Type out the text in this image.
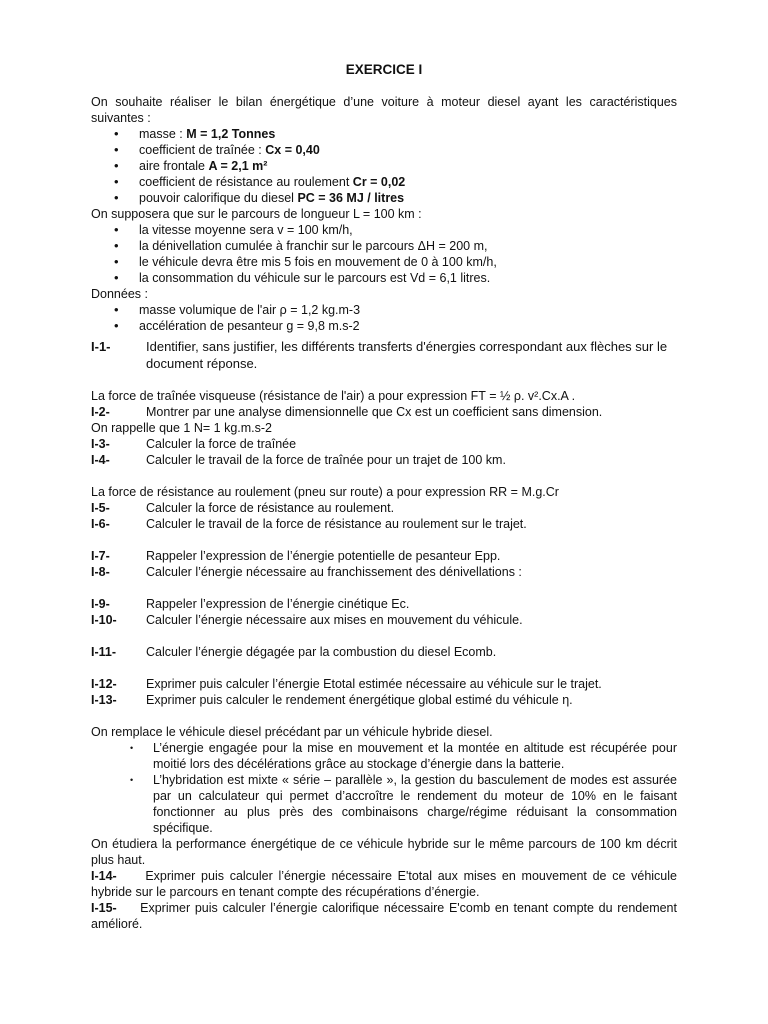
EXERCICE I

On souhaite réaliser le bilan énergétique d’une voiture à moteur diesel ayant les caractéristiques suivantes :

• masse : M = 1,2 Tonnes
• coefficient de traînée : Cx = 0,40
• aire frontale A = 2,1 m²
• coefficient de résistance au roulement Cr = 0,02
• pouvoir calorifique du diesel PC = 36 MJ / litres

On supposera que sur le parcours de longueur L = 100 km :

• la vitesse moyenne sera v = 100 km/h,
• la dénivellation cumulée à franchir sur le parcours ΔH = 200 m,
• le véhicule devra être mis 5 fois en mouvement de 0 à 100 km/h,
• la consommation du véhicule sur le parcours est Vd = 6,1 litres.

Données :

• masse volumique de l'air ρ = 1,2 kg.m-3
• accélération de pesanteur g = 9,8 m.s-2
I-1-	Identifier, sans justifier, les différents transferts d'énergies correspondant aux flèches sur le document réponse.

La force de traînée visqueuse (résistance de l'air) a pour expression FT = ½ ρ. v².Cx.A .

I-2-	Montrer par une analyse dimensionnelle que Cx est un coefficient sans dimension.

On rappelle que 1 N= 1 kg.m.s-2

I-3-	Calculer la force de traînée
I-4-	Calculer le travail de la force de traînée pour un trajet de 100 km.

La force de résistance au roulement (pneu sur route) a pour expression RR = M.g.Cr

I-5-	Calculer la force de résistance au roulement.
I-6-	Calculer le travail de la force de résistance au roulement sur le trajet.
I-7-	Rappeler l’expression de l’énergie potentielle de pesanteur Epp.
I-8-	Calculer l’énergie nécessaire au franchissement des dénivellations :
I-9-	Rappeler l’expression de l’énergie cinétique Ec.
I-10-	Calculer l’énergie nécessaire aux mises en mouvement du véhicule.
I-11-	Calculer l’énergie dégagée par la combustion du diesel Ecomb.
I-12-	Exprimer puis calculer l’énergie Etotal estimée nécessaire au véhicule sur le trajet.
I-13-	Exprimer puis calculer le rendement énergétique global estimé du véhicule η.

On remplace le véhicule diesel précédant par un véhicule hybride diesel.

• L’énergie engagée pour la mise en mouvement et la montée en altitude est récupérée pour moitié lors des décélérations grâce au stockage d’énergie dans la batterie.
• L’hybridation est mixte « série – parallèle », la gestion du basculement de modes est assurée par un calculateur qui permet d’accroître le rendement du moteur de 10% en le faisant fonctionner au plus près des combinaisons charge/régime réduisant la consommation spécifique.

On étudiera la performance énergétique de ce véhicule hybride sur le même parcours de 100 km décrit plus haut.

I-14- Exprimer puis calculer l’énergie nécessaire E'total aux mises en mouvement de ce véhicule hybride sur le parcours en tenant compte des récupérations d’énergie.
I-15- Exprimer puis calculer l’énergie calorifique nécessaire E'comb en tenant compte du rendement amélioré.
